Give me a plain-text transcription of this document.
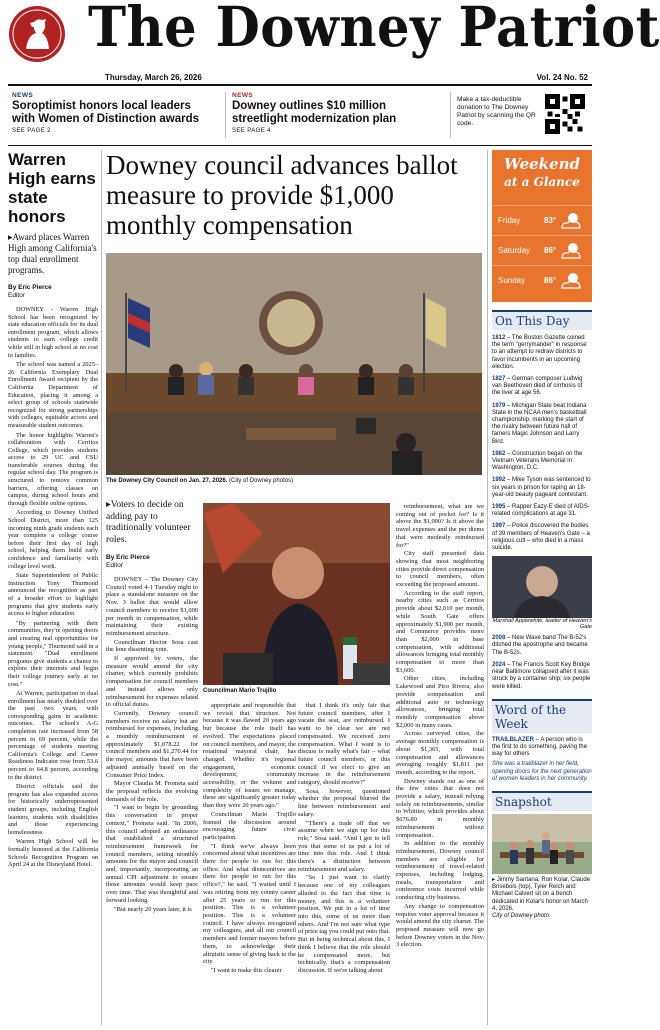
The Downey Patriot
Thursday, March 26, 2026	Vol. 24 No. 52
NEWS
Soroptimist honors local leaders with Women of Distinction awards
SEE PAGE 2
NEWS
Downey outlines $10 million streetlight modernization plan
SEE PAGE 4
Make a tax-deductible donation to The Downey Patriot by scanning the QR code.
Warren High earns state honors
▸Award places Warren High among California's top dual enrollment programs.
By Eric Pierce
Editor

DOWNEY - Warren High School has been recognized by state education officials for its dual enrollment program, which allows students to earn college credit while still in high school at no cost to families.

The school was named a 2025–26 California Exemplary Dual Enrollment Award recipient by the California Department of Education, placing it among a select group of schools statewide recognized for strong partnerships with colleges, equitable access and measurable student outcomes.

The honor highlights Warren's collaboration with Cerritos College, which provides students access to 29 UC and CSU transferable courses during the regular school day. The program is structured to remove common barriers, offering classes on campus, during school hours and through flexible online options.

According to Downey Unified School District, more than 125 incoming ninth grade students each year complete a college course before their first day of high school, helping them build early confidence and familiarity with college level work.

State Superintendent of Public Instruction Tony Thurmond announced the recognition as part of a broader effort to highlight programs that give students early access to higher education.

"By partnering with their communities, they're opening doors and creating real opportunities for young people," Thurmond said in a statement. "Dual enrollment programs give students a chance to explore their interests and begin their college journey early at no cost."

At Warren, participation in dual enrollment has nearly doubled over the past two years, with corresponding gains in academic outcomes. The school's A-G completion rate increased from 58 percent to 69 percent, while the percentage of students meeting California's College and Career Readiness Indicator rose from 53.6 percent to 64.8 percent, according to the district.

District officials said the program has also expanded access for historically underrepresented student groups, including English learners, students with disabilities and those experiencing homelessness.

Warren High School will be formally honored at the California Schools Recognition Program on April 24 at the Disneyland Hotel.

Downey council advances ballot measure to provide $1,000 monthly compensation
The Downey City Council on Jan. 27, 2026. (City of Downey photos)
▸Voters to decide on adding pay to traditionally volunteer roles.
By Eric Pierce
Editor

DOWNEY – The Downey City Council voted 4-1 Tuesday night to place a standalone measure on the Nov. 3 ballot that would allow council members to receive $1,000 per month in compensation, while maintaining their existing reimbursement structure.

Councilman Hector Sosa cast the lone dissenting vote.

If approved by voters, the measure would amend the city charter, which currently prohibits compensation for council members and instead allows only reimbursement for expenses related to official duties.

Currently, Downey council members receive no salary but are reimbursed for expenses, including a monthly reimbursement of approximately $1,078.22 for council members and $1,270.44 for the mayor, amounts that have been adjusted annually based on the Consumer Price Index.

Mayor Claudia M. Frometa said the proposal reflects the evolving demands of the role.

"I want to begin by grounding this conversation in proper context," Frometa said. "In 2006, this council adopted an ordinance that established a structured reimbursement framework for council members, setting monthly amounts for the mayor and council and, importantly, incorporating an annual CPI adjustment to ensure those amounts would keep pace over time. That was thoughtful and forward looking.

"But nearly 20 years later, it is

Councilman Mario Trujillo

appropriate and responsible that we revisit that structure. Not because it was flawed 20 years ago but because the role itself has evolved. The expectations placed on council members, and mayor, the rotational mayoral chair, has changed. Whether it's regional engagement, economic development, community accessibility, or the volume and complexity of issues we manage, these are significantly greater today than they were 20 years ago."

Councilman Mario Trujillo framed the discussion around encouraging future civic participation.

"I think we've always been concerned about what incentives are there for people to run for this office. And what disincentives are there for people to run for this office?," he said. "I waited until I was retiring from my county career after 25 years to run for this position. This is a volunteer position. This is a volunteer council. I have always recognized my colleagues, and all our council members and former mayors before them, to acknowledge their altruistic sense of giving back to the city.

"I want to make this clearer

that I think it's only fair that future council members, after I vacate the seat, are reimbursed. I want to be clear we are not compensated. We received zero compensation. What I want is to discuss is really what's fair – what future council members, or this council if we elect to give an increase in the reimbursement category, should receive?"

Sosa, however, questioned whether the proposal blurred the line between reimbursement and salary.

"There's a trade off that we assume when we sign up for this role," Sosa said. "And I got to tell you that some of us put a lot of time into this role. And I think there's a distinction between reimbursement and salary.

"So I just want to clarify because one of my colleagues alluded to the fact that time is money, and this is a volunteer position. We put in a lot of time into this, some of us more than others. And I'm not sure what type of price tag you could put onto that. But in being technical about this, I think I believe that the role should be compensated more, but technically, that's a compensation discussion. If we're talking about

reimbursement, what are we coming out of pocket for? Is it above the $1,000? Is it above the travel expenses and the per diems that were modestly reimbursed for?"

City staff presented data showing that most neighboring cities provide direct compensation to council members, often exceeding the proposed amount.

According to the staff report, nearby cities such as Cerritos provide about $2,010 per month, while South Gate offers approximately $1,900 per month, and Commerce provides more than $2,000 in base compensation, with additional allowances bringing total monthly compensation to more than $3,600.

Other cities, including Lakewood and Pico Rivera, also provide compensation and additional auto or technology allowances, bringing total monthly compensation above $2,000 in many cases.

Across surveyed cities, the average monthly compensation is about $1,365, with total compensation and allowances averaging roughly $1,811 per month, according to the report.

Downey stands out as one of the few cities that does not provide a salary, instead relying solely on reimbursements, similar to Whittier, which provides about $676.80 in monthly reimbursement without compensation.

In addition to the monthly reimbursement, Downey council members are eligible for reimbursement of travel-related expenses, including lodging, meals, transportation and conference costs incurred while conducting city business.

Any change to compensation requires voter approval because it would amend the city charter. The proposed measure will now go before Downey voters in the Nov. 3 election.

Weekend
at a Glance
Friday	83°
Saturday 86°
Sunday 86°
On This Day
1812 – The Boston Gazette coined the term "gerrymander" in response to an attempt to redraw districts to favor incumbents in an upcoming election.
1827 – German composer Ludwig van Beethoven died of cirrhosis of the liver at age 56.
1979 – Michigan State beat Indiana State in the NCAA men's basketball championship, marking the start of the rivalry between future hall of famers Magic Johnson and Larry Bird.
1982 – Construction began on the Vietnam Veterans Memorial in Washington, D.C.
1992 – Mike Tyson was sentenced to six years in prison for raping an 18-year-old beauty pageant contestant.
1995 – Rapper Eazy-E died of AIDS-related complications at age 31.
1997 – Police discovered the bodies of 39 members of Heaven's Gate – a religious cult – who died in a mass suicide.
Marshall Applewhite, leader of Heaven's Gate
2008 – New Wave band The B-52's ditched the apostrophe and became The B-52s.
2024 – The Francis Scott Key Bridge near Baltimore collapsed after it was struck by a container ship; six people were killed.
Word of the Week
TRAILBLAZER – A person who is the first to do something, paving the way for others
She was a trailblazer in her field, opening doors for the next generation of women leaders in her community.
Snapshot
▸ Jimmy Santana, Ron Kolar, Claude Brisebois (top), Tyler Reich and Michael Calvert sit on a bench dedicated in Kolar's honor on March 4, 2026.
City of Downey photo
